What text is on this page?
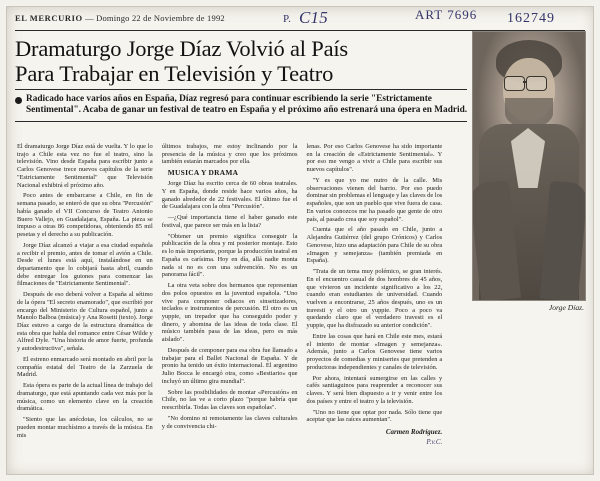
EL MERCURIO — Domingo 22 de Noviembre de 1992	P. C15	ART 7696 162749
Dramaturgo Jorge Díaz Volvió al País
Para Trabajar en Televisión y Teatro
Radicado hace varios años en España, Díaz regresó para continuar escribiendo la serie "Estrictamente Sentimental". Acaba de ganar un festival de teatro en España y el próximo año estrenará una ópera en Madrid.
Jorge Díaz.

El dramaturgo Jorge Díaz está de vuelta. Y lo que lo trajo a Chile esta vez no fue el teatro, sino la televisión. Vino desde España para escribir junto a Carlos Genovese trece nuevos capítulos de la serie "Estrictamente Sentimental" que Televisión Nacional exhibirá el próximo año.

Poco antes de embarcarse a Chile, en fin de semana pasado, se enteró de que su obra "Percusión" había ganado el VII Concurso de Teatro Antonio Buero Vallejo, en Guadalajara, España. La pieza se impuso a otras 86 competidoras, obteniendo 85 mil pesetas y el derecho a su publicación.

Jorge Díaz alcanzó a viajar a esa ciudad española a recibir el premio, antes de tomar el avión a Chile. Desde el lunes está aquí, instalándose en un departamento que lo cobijará hasta abril, cuando debe entregar los guiones para comenzar las filmaciones de "Estrictamente Sentimental".

Después de eso deberá volver a España al sétimo de la ópera "El secreto enamorado", que escribió por encargo del Ministerio de Cultura español, junto a Manolo Balboa (música) y Ana Rosetti (texto). Jorge Díaz estuvo a cargo de la estructura dramática de esta obra que habla del romance entre César Wilde y Alfred Dyle. "Una historia de amor fuerte, profunda y autodestructiva", señala.

El estreno enmarcado será montado en abril por la compañía estatal del Teatro de la Zarzuela de Madrid.

Esta ópera es parte de la actual línea de trabajo del dramaturgo, que está apuntando cada vez más por la música, como un elemento clave en la creación dramática.

"Siento que las anécdotas, los cálculos, no se pueden montar muchísimo a través de la música. En mis

últimos trabajos, me estoy inclinando por la presencia de la música y creo que los próximos también estarán marcados por ella.

MUSICA Y DRAMA

Jorge Díaz ha escrito cerca de 60 obras teatrales. Y en España, donde reside hace varios años, ha ganado alrededor de 22 festivales. El último fue el de Guadalajara con la obra "Percusión".

—¿Qué importancia tiene el haber ganado este festival, que parece ser más en la lista?

"Obtener un premio significa conseguir la publicación de la obra y mi posterior montaje. Esto es lo más importante, porque la producción teatral en España es carísima. Hoy en día, allá nadie monta nada si no es con una subvención. No es un panorama fácil".

La otra veta sobre dos hermanos que representan dos polos opuestos en la juventud española. "Uno vive para componer odiacos en sinsetizadores, teclados e instrumentos de percusión. El otro es un yuppie, un trepador que ha conseguido poder y dinero, y abomina de las ideas de toda clase. El músico también pasa de las ideas, pero es más aislado".

Después de componer para esa obra fue llamado a trabajar para el Ballet Nacional de España. Y de pronto ha tenido un éxito internacional. El argentino Julio Bocca le encargó otra, como «Bestiario» que incluyó un último gira mundial".

Sobre las posibilidades de montar «Percusión» en Chile, no las ve a corto plazo "porque habría que reescribirla. Todas las claves son españolas".

"No domino ni remotamente las claves culturales y de convivencia chi-

lenas. Por eso Carlos Genovese ha sido importante en la creación de «Estrictamente Sentimental». Y por eso me vengo a vivir a Chile para escribir sus nuevos capítulos".

"Y es que yo me nutro de la calle. Mis observaciones vienen del barrio. Por eso puedo dominar sin problemas el lenguaje y las claves de los españoles, que son un pueblo que vive fuera de casa. En varios conozcos me ha pasado que gente de otro país, al pasado crea que soy español".

Cuenta que el año pasado en Chile, junto a Alejandra Gutiérrez (del grupo Crónicos) y Carlos Genovese, hizo una adaptación para Chile de su obra «Imagen y semejanza» (también premiada en España).

"Trata de un tema muy polémico, se gran interés. En el encuentro casual de dos hombres de 45 años, que vivieron un incidente significativo a los 22, cuando eran estudiantes de universidad. Cuando vuelven a encontrarse, 25 años después, uno es un travesti y el otro un yuppie. Poco a poco va quedando claro que el verdadero travesti es el yuppie, que ha disfrazado su anterior condición".

Entre las cosas que hará en Chile este mes, estará el intento de montar «Imagen y semejanza». Además, junto a Carlos Genovese tiene varios proyectos de comedias y miniseries que pretenden a productoras independientes y canales de televisión.

Por ahora, intentará sumergirse en las calles y cafés santiaguinos para reaprender a reconocer sus claves. Y será bien dispuesto a ir y venir entre los dos países y entre el teatro y la televisión.

"Uno no tiene que optar por nada. Sólo tiene que aceptar que las raíces aumentan".

Carmen Rodríguez.
P.v.C.
